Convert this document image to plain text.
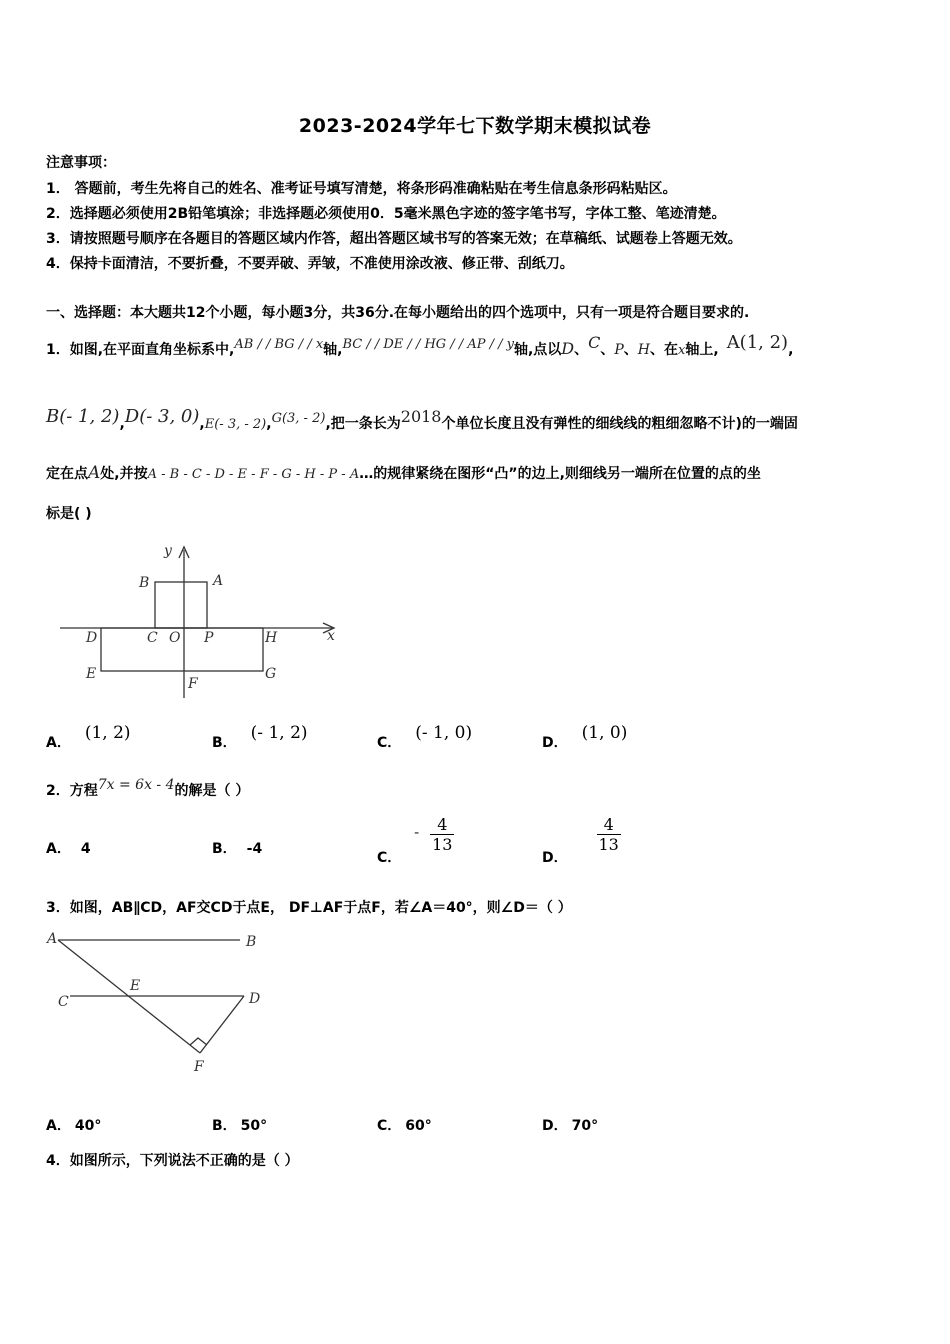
2023-2024学年七下数学期末模拟试卷
注意事项：
1． 答题前，考生先将自己的姓名、准考证号填写清楚，将条形码准确粘贴在考生信息条形码粘贴区。
2．选择题必须使用2B铅笔填涂；非选择题必须使用0．5毫米黑色字迹的签字笔书写，字体工整、笔迹清楚。
3．请按照题号顺序在各题目的答题区域内作答，超出答题区域书写的答案无效；在草稿纸、试题卷上答题无效。
4．保持卡面清洁，不要折叠，不要弄破、弄皱，不准使用涂改液、修正带、刮纸刀。
一、选择题：本大题共12个小题，每小题3分，共36分.在每小题给出的四个选项中，只有一项是符合题目要求的.
1．如图,在平面直角坐标系中,AB / / BG / / x轴,BC / / DE / / HG / / AP / / y轴,点以D、C、P、H、在x轴上, A(1, 2),
B(- 1, 2),D(- 3, 0),E(- 3, - 2),G(3, - 2),把一条长为2018个单位长度且没有弹性的细线线的粗细忽略不计)的一端固
定在点A处,并按A - B - C - D - E - F - G - H - P - A…的规律紧绕在图形“凸”的边上,则细线另一端所在位置的点的坐
标是( )
y
x
B	A
D	C O P	H
E
F
G
A． (1, 2)	B． (- 1, 2)	C． (- 1, 0)	D． (1, 0)
2．方程7x = 6x - 4的解是（ ）
A． 4	B． -4
C． - $\frac{4}{13}$
D．
$\frac{4}{13}$
3．如图，AB∥CD，AF交CD于点E， DF⊥AF于点F，若∠A＝40°，则∠D＝（ ）
A	B
C	D
E
F
A． 40°	B． 50°	C． 60°	D． 70°
4．如图所示，下列说法不正确的是（ ）
